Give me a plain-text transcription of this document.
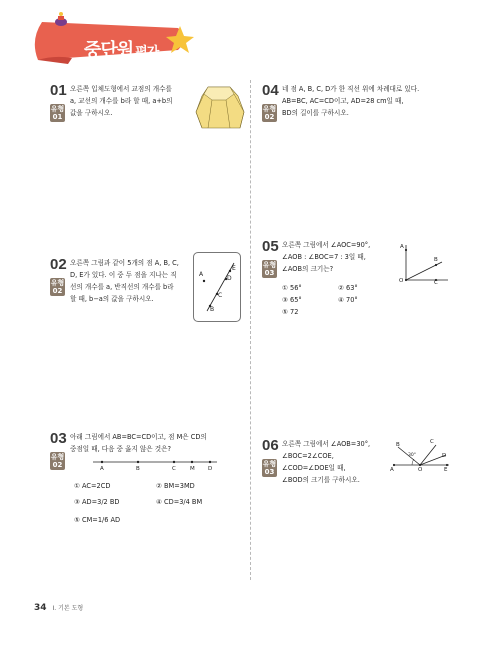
중단원 평가
01
유형
01
오른쪽 입체도형에서 교점의 개수를
a, 교선의 개수를 b라 할 때, a+b의
값을 구하시오.
02
유형
02
오른쪽 그림과 같이 5개의 점 A, B, C,
D, E가 있다. 이 중 두 점을 지나는 직
선의 개수를 a, 반직선의 개수를 b라
할 때, b−a의 값을 구하시오.
A
E
D
C
B
03
유형
02
아래 그림에서 AB=BC=CD이고, 점 M은 CD의
중점일 때, 다음 중 옳지 않은 것은?
A	B	C	M D
① AC=2CD	② BM=3MD
③ AD=3/2 BD	④ CD=3/4 BM
⑤ CM=1/6 AD
04
유형
02
네 점 A, B, C, D가 한 직선 위에 차례대로 있다.
AB=BC, AC=CD이고, AD=28 cm일 때,
BD의 길이를 구하시오.
05
유형
03
오른쪽 그림에서 ∠AOC=90°,
∠AOB : ∠BOC=7 : 3일 때,
∠AOB의 크기는?
A
B
O	C
① 56°	② 63°
③ 65°	④ 70°
⑤ 72
06
유형
03
오른쪽 그림에서 ∠AOB=30°,
∠BOC=2∠COE,
∠COD=∠DOE일 때,
∠BOD의 크기를 구하시오.
B	C
D
A	O	E
30°
34 Ⅰ. 기본 도형
